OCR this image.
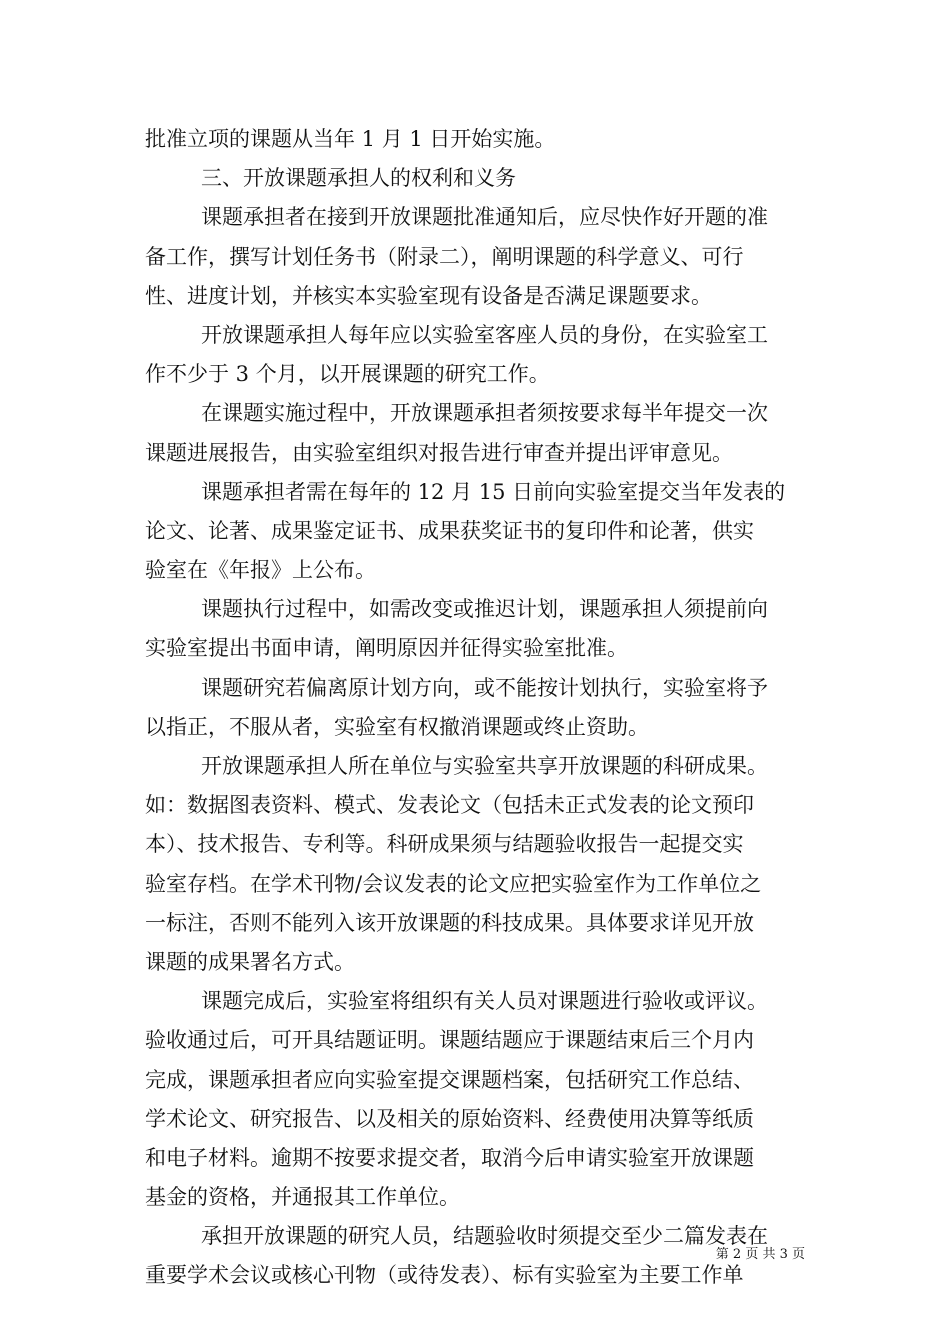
批准立项的课题从当年 1 月 1 日开始实施。
三、开放课题承担人的权利和义务
课题承担者在接到开放课题批准通知后，应尽快作好开题的准
备工作，撰写计划任务书（附录二），阐明课题的科学意义、可行
性、进度计划，并核实本实验室现有设备是否满足课题要求。
开放课题承担人每年应以实验室客座人员的身份，在实验室工
作不少于 3 个月，以开展课题的研究工作。
在课题实施过程中，开放课题承担者须按要求每半年提交一次
课题进展报告，由实验室组织对报告进行审查并提出评审意见。
课题承担者需在每年的 12 月 15 日前向实验室提交当年发表的
论文、论著、成果鉴定证书、成果获奖证书的复印件和论著，供实
验室在《年报》上公布。
课题执行过程中，如需改变或推迟计划，课题承担人须提前向
实验室提出书面申请，阐明原因并征得实验室批准。
课题研究若偏离原计划方向，或不能按计划执行，实验室将予
以指正，不服从者，实验室有权撤消课题或终止资助。
开放课题承担人所在单位与实验室共享开放课题的科研成果。
如：数据图表资料、模式、发表论文（包括未正式发表的论文预印
本）、技术报告、专利等。科研成果须与结题验收报告一起提交实
验室存档。在学术刊物/会议发表的论文应把实验室作为工作单位之
一标注，否则不能列入该开放课题的科技成果。具体要求详见开放
课题的成果署名方式。
课题完成后，实验室将组织有关人员对课题进行验收或评议。
验收通过后，可开具结题证明。课题结题应于课题结束后三个月内
完成，课题承担者应向实验室提交课题档案，包括研究工作总结、
学术论文、研究报告、以及相关的原始资料、经费使用决算等纸质
和电子材料。逾期不按要求提交者，取消今后申请实验室开放课题
基金的资格，并通报其工作单位。
承担开放课题的研究人员，结题验收时须提交至少二篇发表在
重要学术会议或核心刊物（或待发表）、标有实验室为主要工作单
第 2 页 共 3 页
